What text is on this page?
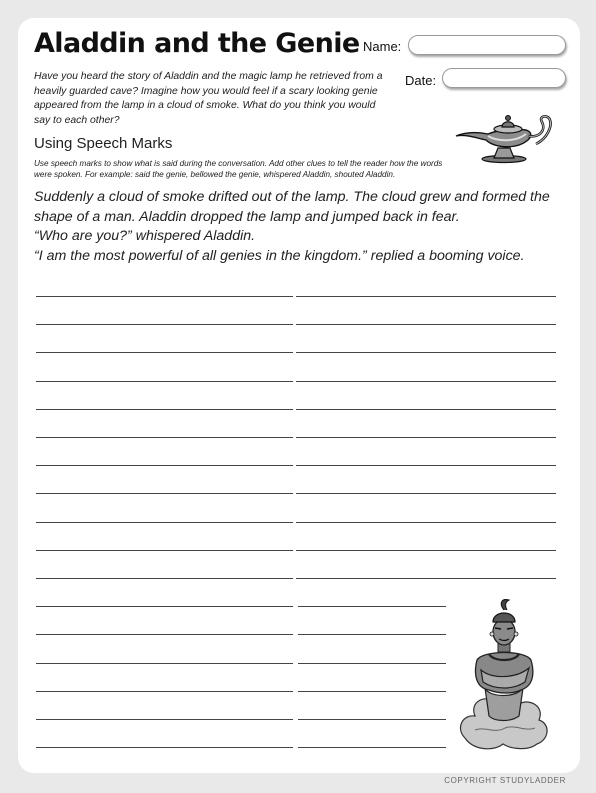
Aladdin and the Genie Name:
Date:
Have you heard the story of Aladdin and the magic lamp he retrieved from a heavily guarded cave? Imagine how you would feel if a scary looking genie appeared from the lamp in a cloud of smoke. What do you think you would say to each other?
Using Speech Marks
Use speech marks to show what is said during the conversation. Add other clues to tell the reader how the words were spoken. For example: said the genie, bellowed the genie, whispered Aladdin, shouted Aladdin.

Suddenly a cloud of smoke drifted out of the lamp. The cloud grew and formed the

shape of a man. Aladdin dropped the lamp and jumped back in fear.

“Who are you?” whispered Aladdin.

“I am the most powerful of all genies in the kingdom.” replied a booming voice.

COPYRIGHT STUDYLADDER
